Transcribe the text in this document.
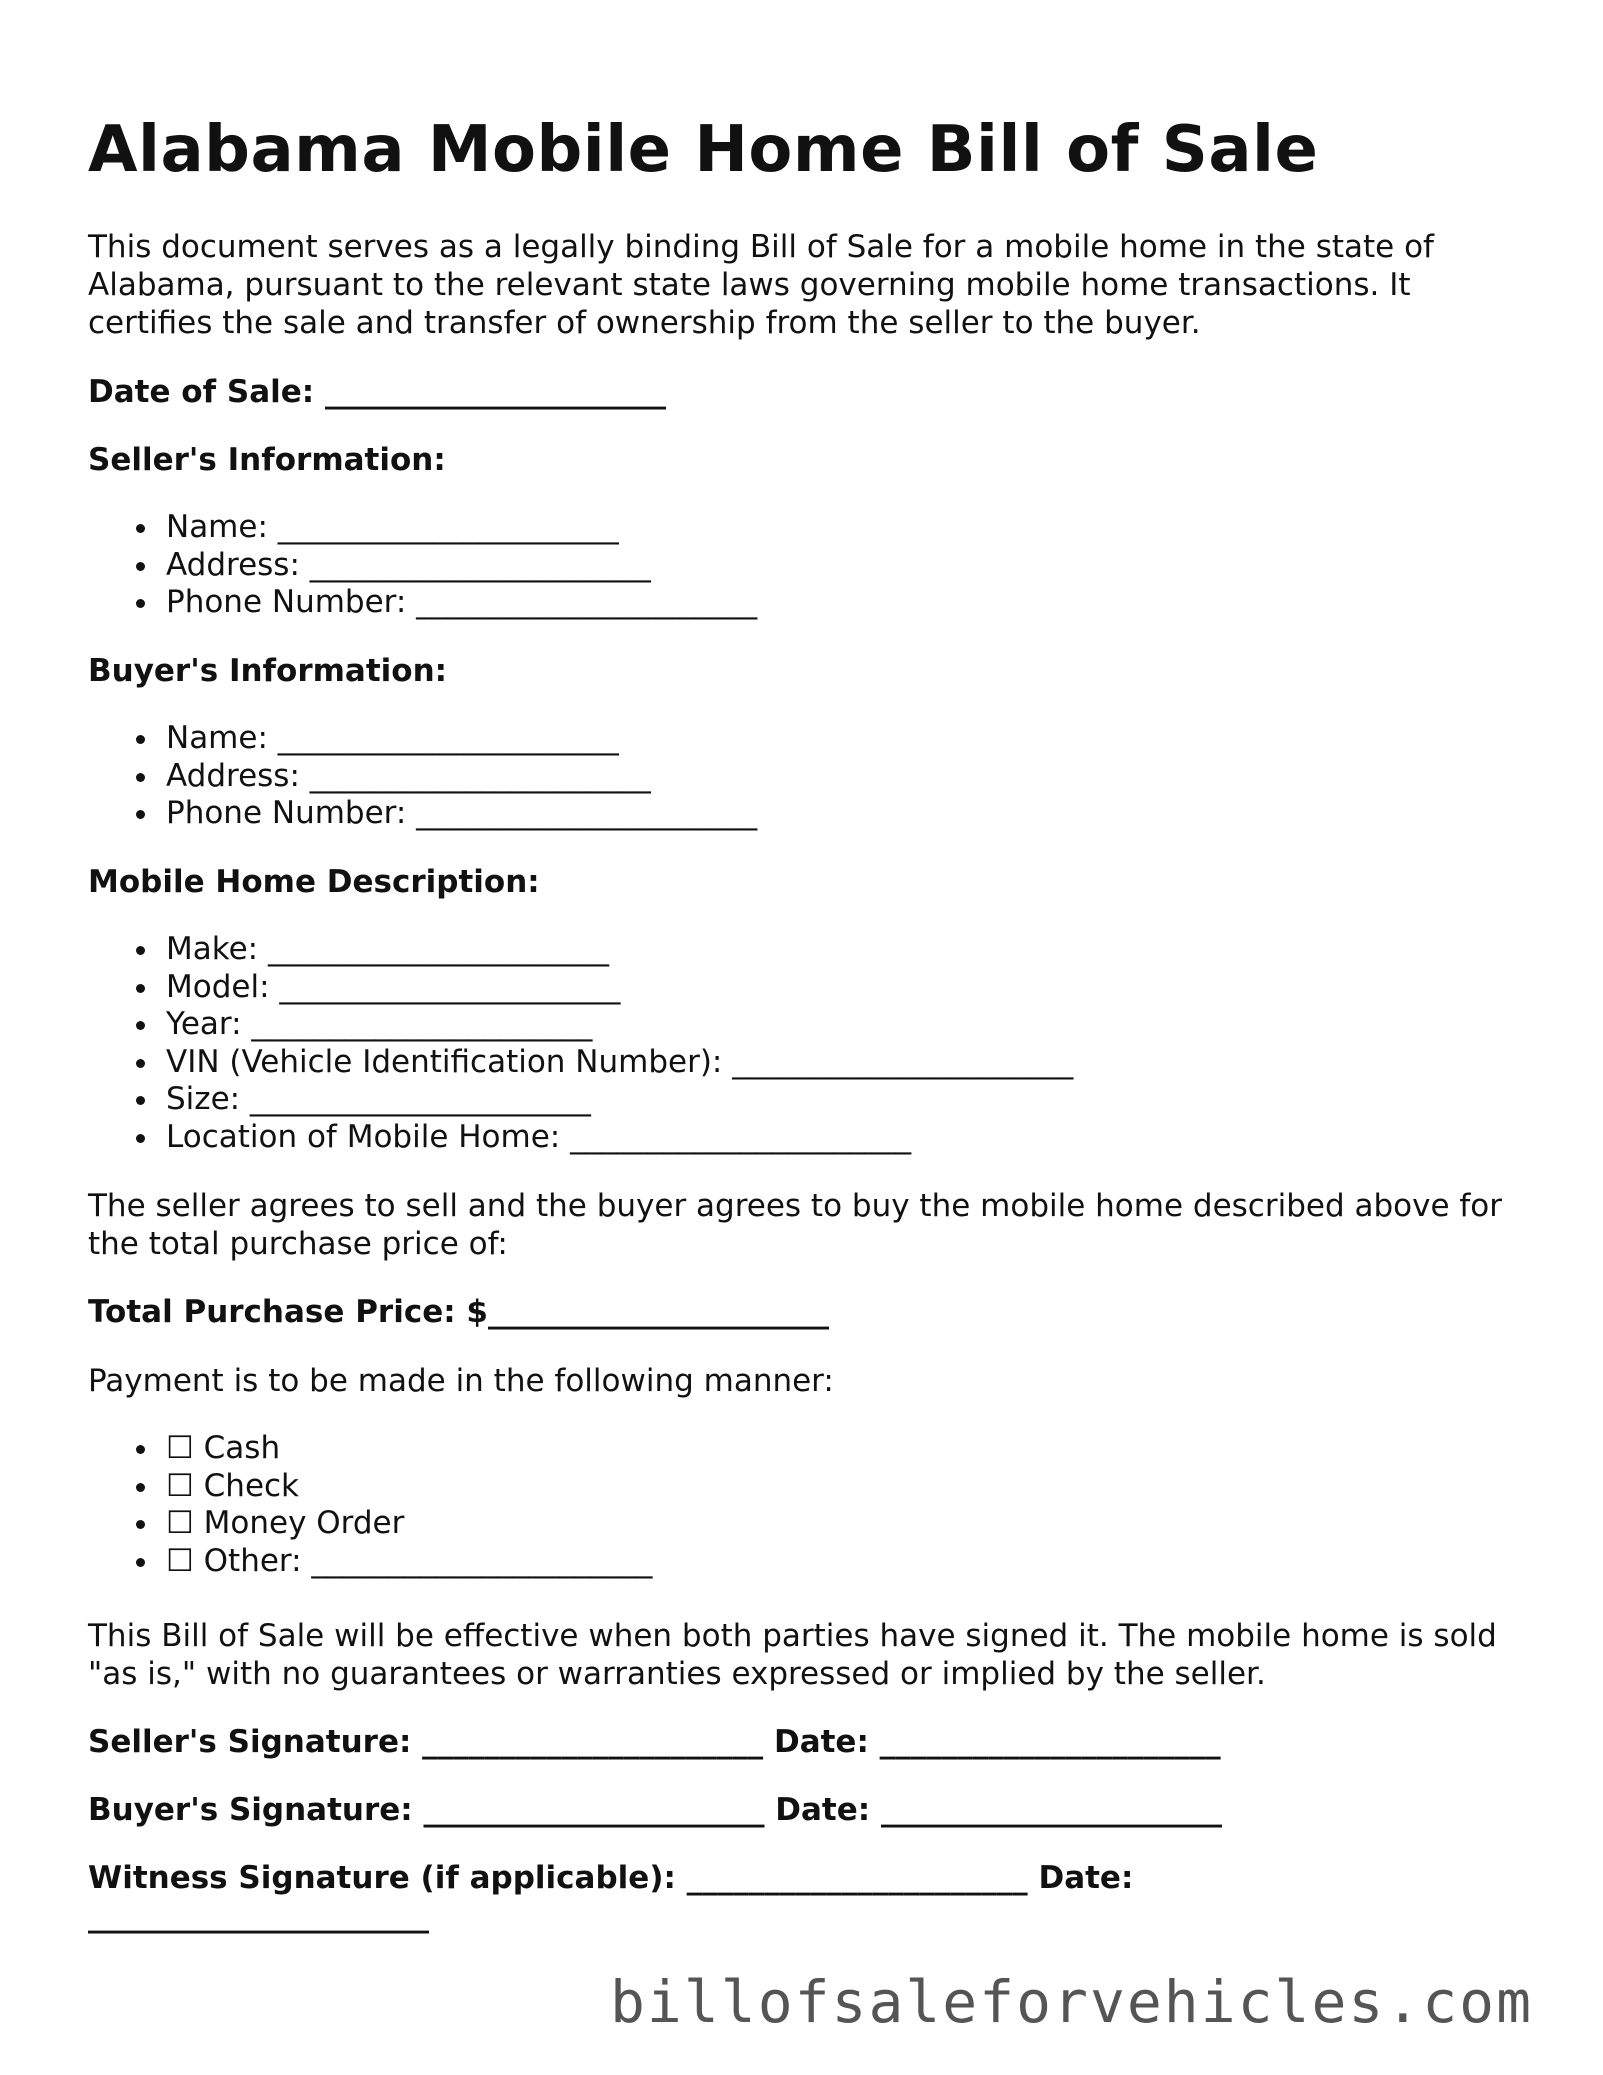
Alabama Mobile Home Bill of Sale

This document serves as a legally binding Bill of Sale for a mobile home in the state of Alabama, pursuant to the relevant state laws governing mobile home transactions. It certifies the sale and transfer of ownership from the seller to the buyer.

Date of Sale: ______________________
Seller's Information:
Name: ______________________
Address: ______________________
Phone Number: ______________________
Buyer's Information:
Name: ______________________
Address: ______________________
Phone Number: ______________________
Mobile Home Description:
Make: ______________________
Model: ______________________
Year: ______________________
VIN (Vehicle Identification Number): ______________________
Size: ______________________
Location of Mobile Home: ______________________

The seller agrees to sell and the buyer agrees to buy the mobile home described above for the total purchase price of:

Total Purchase Price: $______________________
Payment is to be made in the following manner:
☐ Cash
☐ Check
☐ Money Order
☐ Other: ______________________

This Bill of Sale will be effective when both parties have signed it. The mobile home is sold "as is," with no guarantees or warranties expressed or implied by the seller.

Seller's Signature: ______________________ Date: ______________________
Buyer's Signature: ______________________ Date: ______________________
Witness Signature (if applicable): ______________________ Date: ______________________
billofsaleforvehicles.com
